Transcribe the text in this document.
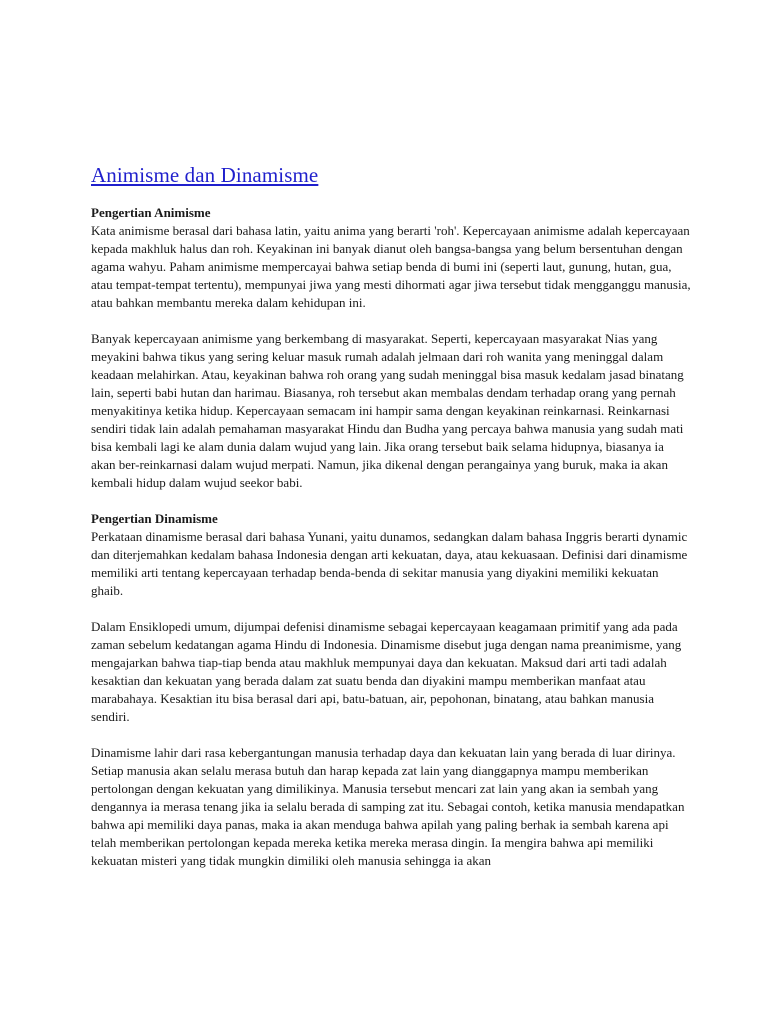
Animisme dan Dinamisme

Pengertian Animisme

Kata animisme berasal dari bahasa latin, yaitu anima yang berarti 'roh'. Kepercayaan animisme adalah kepercayaan kepada makhluk halus dan roh. Keyakinan ini banyak dianut oleh bangsa-bangsa yang belum bersentuhan dengan agama wahyu. Paham animisme mempercayai bahwa setiap benda di bumi ini (seperti laut, gunung, hutan, gua, atau tempat-tempat tertentu), mempunyai jiwa yang mesti dihormati agar jiwa tersebut tidak mengganggu manusia, atau bahkan membantu mereka dalam kehidupan ini.

Banyak kepercayaan animisme yang berkembang di masyarakat. Seperti, kepercayaan masyarakat Nias yang meyakini bahwa tikus yang sering keluar masuk rumah adalah jelmaan dari roh wanita yang meninggal dalam keadaan melahirkan. Atau, keyakinan bahwa roh orang yang sudah meninggal bisa masuk kedalam jasad binatang lain, seperti babi hutan dan harimau. Biasanya, roh tersebut akan membalas dendam terhadap orang yang pernah menyakitinya ketika hidup. Kepercayaan semacam ini hampir sama dengan keyakinan reinkarnasi. Reinkarnasi sendiri tidak lain adalah pemahaman masyarakat Hindu dan Budha yang percaya bahwa manusia yang sudah mati bisa kembali lagi ke alam dunia dalam wujud yang lain. Jika orang tersebut baik selama hidupnya, biasanya ia akan ber-reinkarnasi dalam wujud merpati. Namun, jika dikenal dengan perangainya yang buruk, maka ia akan kembali hidup dalam wujud seekor babi.

Pengertian Dinamisme

Perkataan dinamisme berasal dari bahasa Yunani, yaitu dunamos, sedangkan dalam bahasa Inggris berarti dynamic dan diterjemahkan kedalam bahasa Indonesia dengan arti kekuatan, daya, atau kekuasaan. Definisi dari dinamisme memiliki arti tentang kepercayaan terhadap benda-benda di sekitar manusia yang diyakini memiliki kekuatan ghaib.

Dalam Ensiklopedi umum, dijumpai defenisi dinamisme sebagai kepercayaan keagamaan primitif yang ada pada zaman sebelum kedatangan agama Hindu di Indonesia. Dinamisme disebut juga dengan nama preanimisme, yang mengajarkan bahwa tiap-tiap benda atau makhluk mempunyai daya dan kekuatan. Maksud dari arti tadi adalah kesaktian dan kekuatan yang berada dalam zat suatu benda dan diyakini mampu memberikan manfaat atau marabahaya. Kesaktian itu bisa berasal dari api, batu-batuan, air, pepohonan, binatang, atau bahkan manusia sendiri.

Dinamisme lahir dari rasa kebergantungan manusia terhadap daya dan kekuatan lain yang berada di luar dirinya. Setiap manusia akan selalu merasa butuh dan harap kepada zat lain yang dianggapnya mampu memberikan pertolongan dengan kekuatan yang dimilikinya. Manusia tersebut mencari zat lain yang akan ia sembah yang dengannya ia merasa tenang jika ia selalu berada di samping zat itu. Sebagai contoh, ketika manusia mendapatkan bahwa api memiliki daya panas, maka ia akan menduga bahwa apilah yang paling berhak ia sembah karena api telah memberikan pertolongan kepada mereka ketika mereka merasa dingin. Ia mengira bahwa api memiliki kekuatan misteri yang tidak mungkin dimiliki oleh manusia sehingga ia akan
